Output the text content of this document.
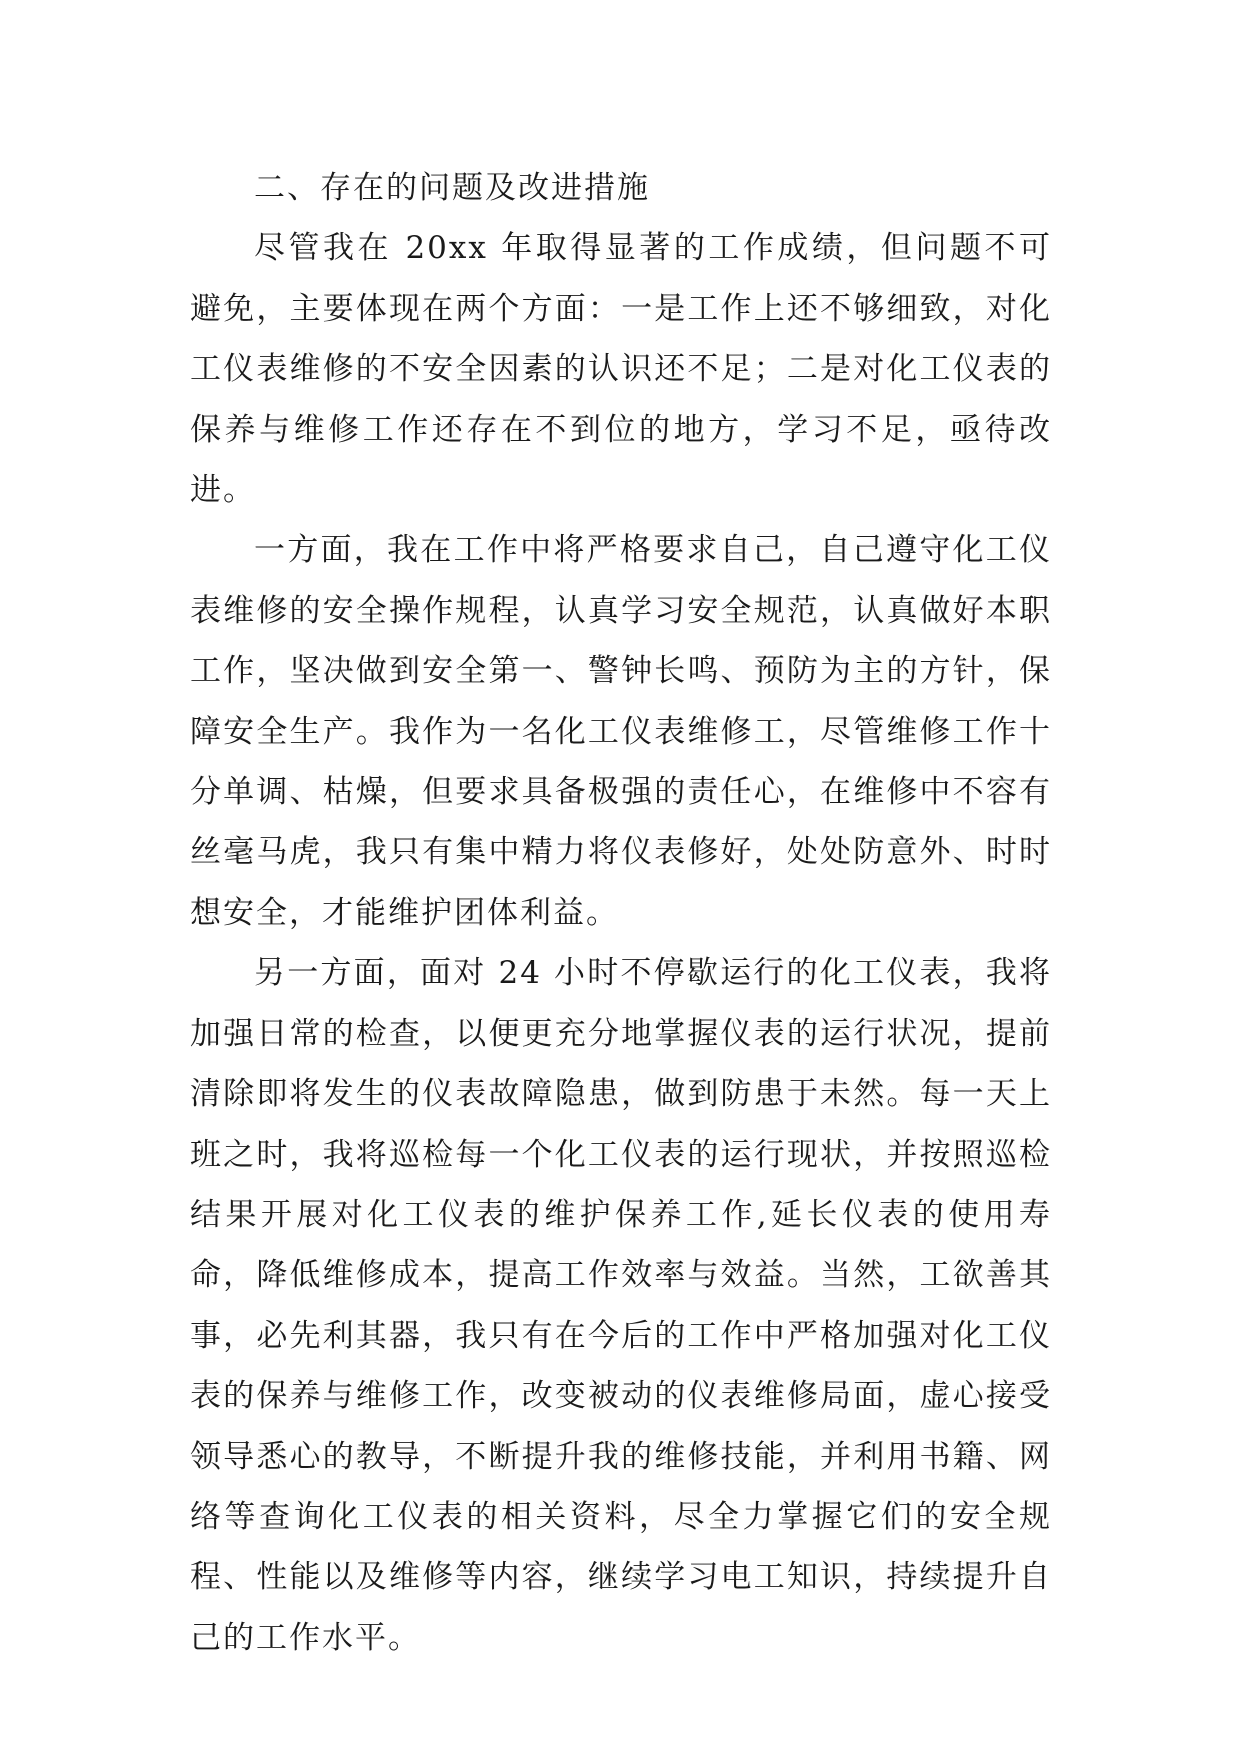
二、存在的问题及改进措施

尽管我在 20xx 年取得显著的工作成绩，但问题不可避免，主要体现在两个方面：一是工作上还不够细致，对化工仪表维修的不安全因素的认识还不足；二是对化工仪表的保养与维修工作还存在不到位的地方，学习不足，亟待改进。

一方面，我在工作中将严格要求自己，自己遵守化工仪表维修的安全操作规程，认真学习安全规范，认真做好本职工作，坚决做到安全第一、警钟长鸣、预防为主的方针，保障安全生产。我作为一名化工仪表维修工，尽管维修工作十分单调、枯燥，但要求具备极强的责任心，在维修中不容有丝毫马虎，我只有集中精力将仪表修好，处处防意外、时时想安全，才能维护团体利益。

另一方面，面对 24 小时不停歇运行的化工仪表，我将加强日常的检查，以便更充分地掌握仪表的运行状况，提前清除即将发生的仪表故障隐患，做到防患于未然。每一天上班之时，我将巡检每一个化工仪表的运行现状，并按照巡检结果开展对化工仪表的维护保养工作,延长仪表的使用寿命，降低维修成本，提高工作效率与效益。当然，工欲善其事，必先利其器，我只有在今后的工作中严格加强对化工仪表的保养与维修工作，改变被动的仪表维修局面，虚心接受领导悉心的教导，不断提升我的维修技能，并利用书籍、网络等查询化工仪表的相关资料，尽全力掌握它们的安全规程、性能以及维修等内容，继续学习电工知识，持续提升自己的工作水平。
